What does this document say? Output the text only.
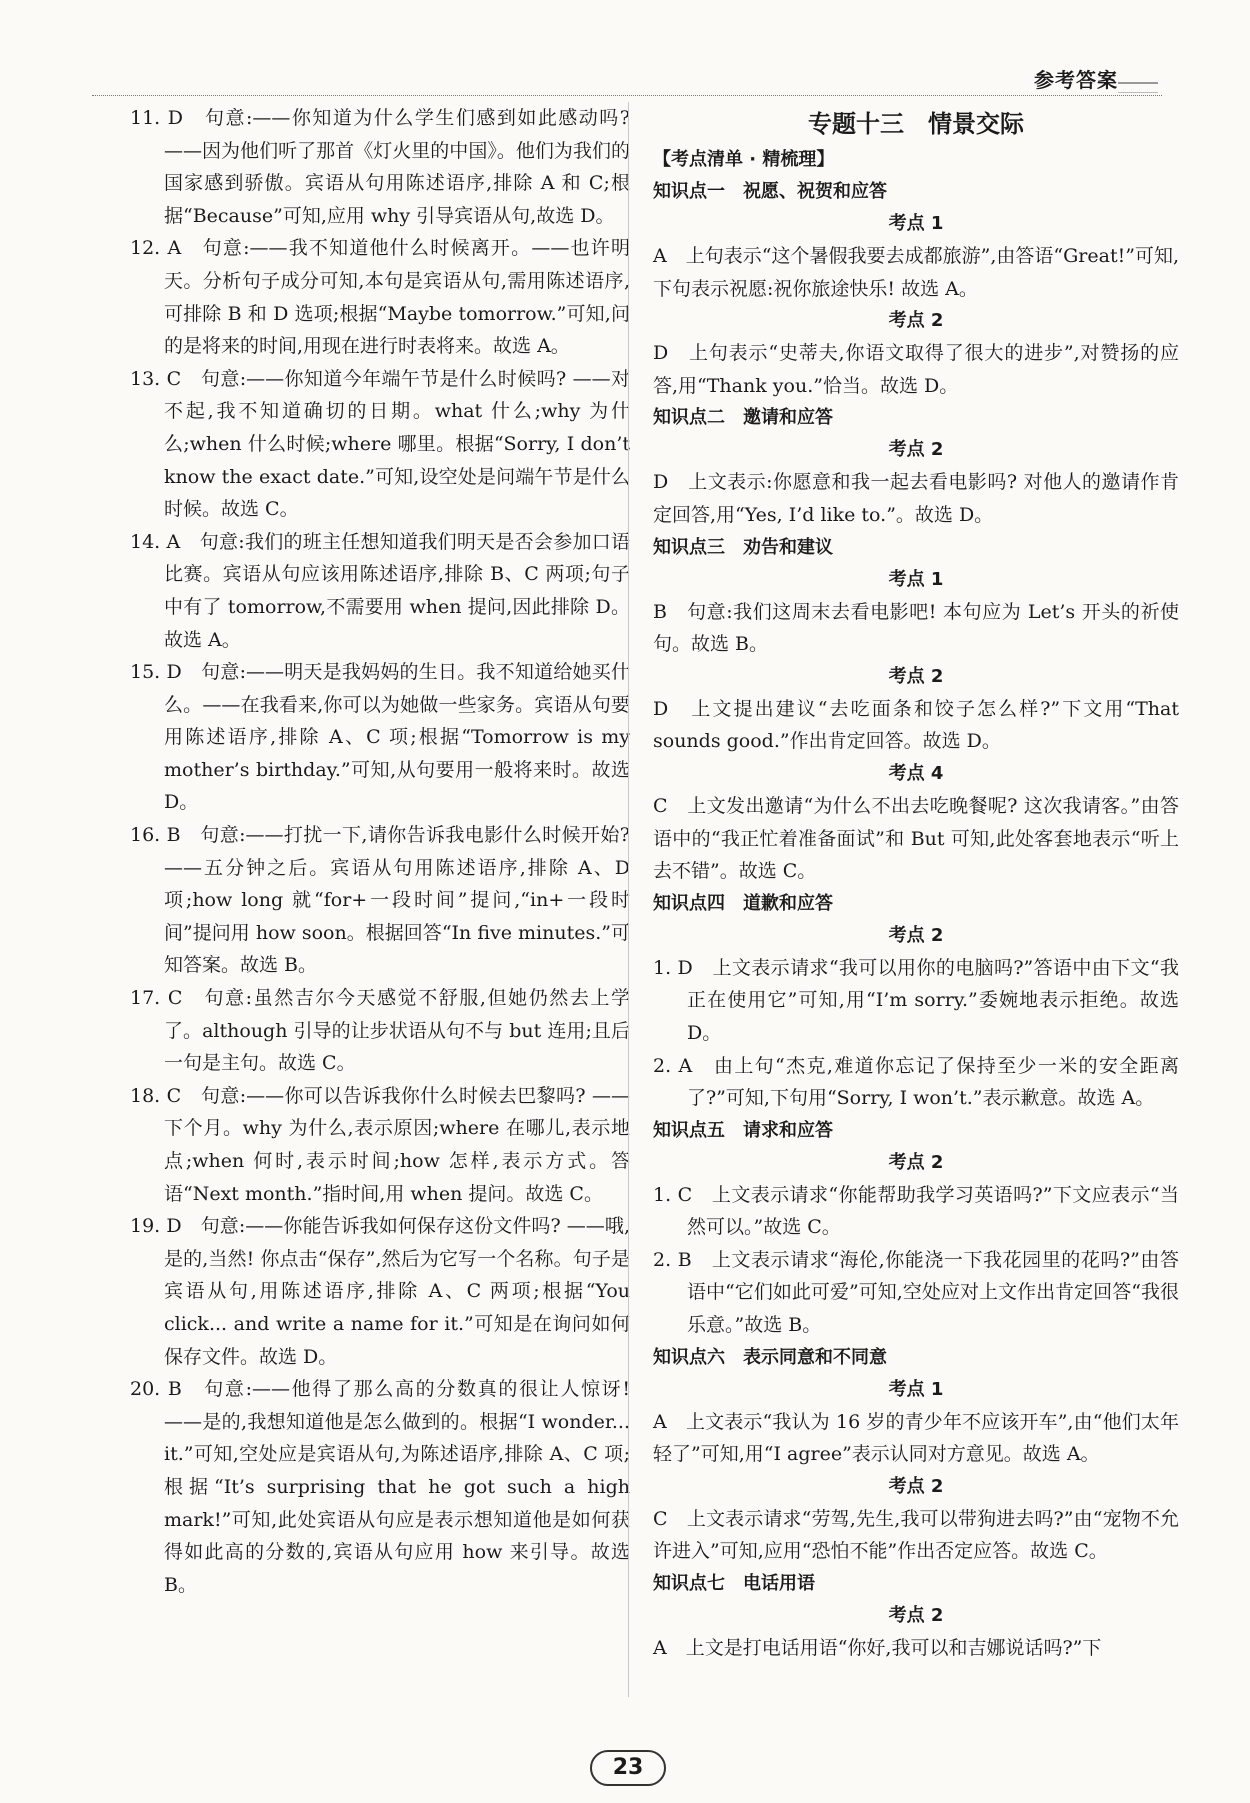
参考答案

11. D　句意:——你知道为什么学生们感到如此感动吗? ——因为他们听了那首《灯火里的中国》。他们为我们的国家感到骄傲。宾语从句用陈述语序,排除 A 和 C;根据“Because”可知,应用 why 引导宾语从句,故选 D。

12. A　句意:——我不知道他什么时候离开。——也许明天。分析句子成分可知,本句是宾语从句,需用陈述语序,可排除 B 和 D 选项;根据“Maybe tomorrow.”可知,问的是将来的时间,用现在进行时表将来。故选 A。

13. C　句意:——你知道今年端午节是什么时候吗? ——对不起,我不知道确切的日期。what 什么;why 为什么;when 什么时候;where 哪里。根据“Sorry, I don’t know the exact date.”可知,设空处是问端午节是什么时候。故选 C。

14. A　句意:我们的班主任想知道我们明天是否会参加口语比赛。宾语从句应该用陈述语序,排除 B、C 两项;句子中有了 tomorrow,不需要用 when 提问,因此排除 D。故选 A。

15. D　句意:——明天是我妈妈的生日。我不知道给她买什么。——在我看来,你可以为她做一些家务。宾语从句要用陈述语序,排除 A、C 项;根据“Tomorrow is my mother’s birthday.”可知,从句要用一般将来时。故选 D。

16. B　句意:——打扰一下,请你告诉我电影什么时候开始? ——五分钟之后。宾语从句用陈述语序,排除 A、D 项;how long 就“for+一段时间”提问,“in+一段时间”提问用 how soon。根据回答“In five minutes.”可知答案。故选 B。

17. C　句意:虽然吉尔今天感觉不舒服,但她仍然去上学了。although 引导的让步状语从句不与 but 连用;且后一句是主句。故选 C。

18. C　句意:——你可以告诉我你什么时候去巴黎吗? ——下个月。why 为什么,表示原因;where 在哪儿,表示地点;when 何时,表示时间;how 怎样,表示方式。答语“Next month.”指时间,用 when 提问。故选 C。

19. D　句意:——你能告诉我如何保存这份文件吗? ——哦,是的,当然! 你点击“保存”,然后为它写一个名称。句子是宾语从句,用陈述语序,排除 A、C 两项;根据“You click... and write a name for it.”可知是在询问如何保存文件。故选 D。

20. B　句意:——他得了那么高的分数真的很让人惊讶! ——是的,我想知道他是怎么做到的。根据“I wonder... it.”可知,空处应是宾语从句,为陈述语序,排除 A、C 项;根据“It’s surprising that he got such a high mark!”可知,此处宾语从句应是表示想知道他是如何获得如此高的分数的,宾语从句应用 how 来引导。故选 B。

专题十三　情景交际

【考点清单 · 精梳理】

知识点一　祝愿、祝贺和应答

考点 1

A　上句表示“这个暑假我要去成都旅游”,由答语“Great!”可知,下句表示祝愿:祝你旅途快乐! 故选 A。

考点 2

D　上句表示“史蒂夫,你语文取得了很大的进步”,对赞扬的应答,用“Thank you.”恰当。故选 D。

知识点二　邀请和应答

考点 2

D　上文表示:你愿意和我一起去看电影吗? 对他人的邀请作肯定回答,用“Yes, I’d like to.”。故选 D。

知识点三　劝告和建议

考点 1

B　句意:我们这周末去看电影吧! 本句应为 Let’s 开头的祈使句。故选 B。

考点 2

D　上文提出建议“去吃面条和饺子怎么样?”下文用“That sounds good.”作出肯定回答。故选 D。

考点 4

C　上文发出邀请“为什么不出去吃晚餐呢? 这次我请客。”由答语中的“我正忙着准备面试”和 But 可知,此处客套地表示“听上去不错”。故选 C。

知识点四　道歉和应答

考点 2

1. D　上文表示请求“我可以用你的电脑吗?”答语中由下文“我正在使用它”可知,用“I’m sorry.”委婉地表示拒绝。故选 D。

2. A　由上句“杰克,难道你忘记了保持至少一米的安全距离了?”可知,下句用“Sorry, I won’t.”表示歉意。故选 A。

知识点五　请求和应答

考点 2

1. C　上文表示请求“你能帮助我学习英语吗?”下文应表示“当然可以。”故选 C。

2. B　上文表示请求“海伦,你能浇一下我花园里的花吗?”由答语中“它们如此可爱”可知,空处应对上文作出肯定回答“我很乐意。”故选 B。

知识点六　表示同意和不同意

考点 1

A　上文表示“我认为 16 岁的青少年不应该开车”,由“他们太年轻了”可知,用“I agree”表示认同对方意见。故选 A。

考点 2

C　上文表示请求“劳驾,先生,我可以带狗进去吗?”由“宠物不允许进入”可知,应用“恐怕不能”作出否定应答。故选 C。

知识点七　电话用语

考点 2

A　上文是打电话用语“你好,我可以和吉娜说话吗?”下

23
